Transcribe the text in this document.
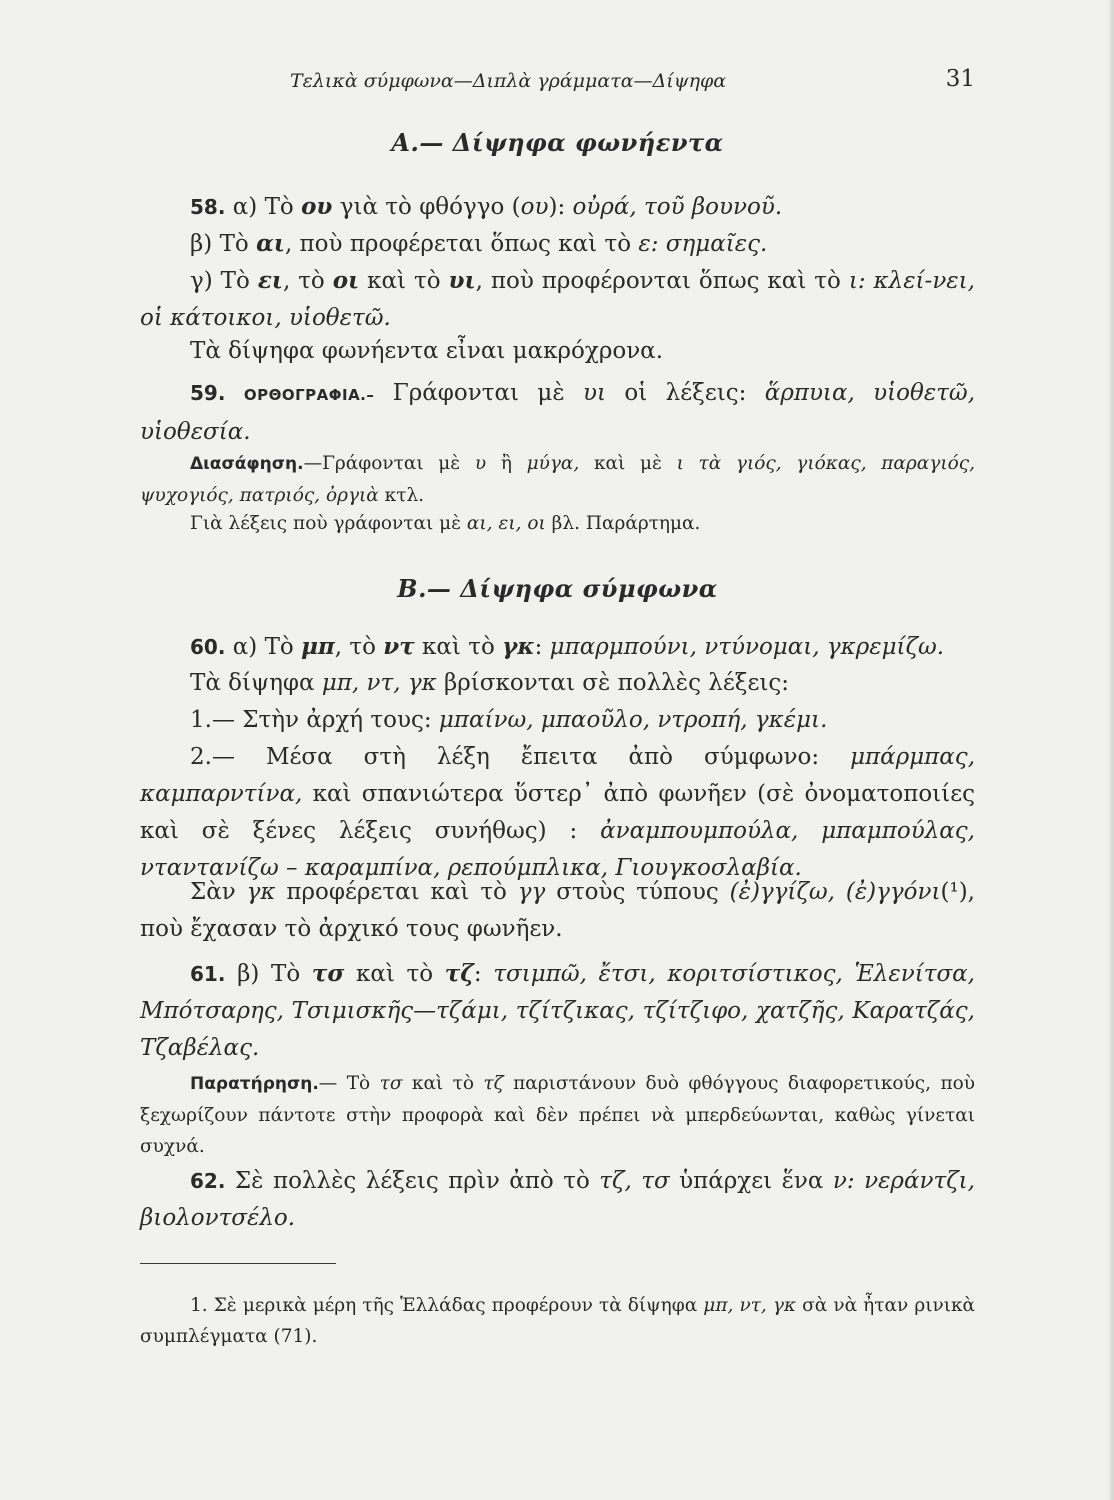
Τελικὰ σύμφωνα—Διπλὰ γράμματα—Δίψηφα	31
Α.— Δίψηφα φωνήεντα
58. α) Τὸ ου γιὰ τὸ φθόγγο (ου): οὐρά, τοῦ βουνοῦ.
β) Τὸ αι, ποὺ προφέρεται ὅπως καὶ τὸ ε: σημαῖες.
γ) Τὸ ει, τὸ οι καὶ τὸ υι, ποὺ προφέρονται ὅπως καὶ τὸ ι: κλεί-νει, οἱ κάτοικοι, υἱοθετῶ.
Τὰ δίψηφα φωνήεντα εἶναι μακρόχρονα.
59. ΟΡΘΟΓΡΑΦΙΑ.– Γράφονται μὲ υι οἱ λέξεις: ἅρπυια, υἱοθετῶ, υἱοθεσία.
Διασάφηση.—Γράφονται μὲ υ ἢ μύγα, καὶ μὲ ι τὰ γιός, γιόκας, παραγιός, ψυχογιός, πατριός, ὀργιὰ κτλ.
Γιὰ λέξεις ποὺ γράφονται μὲ αι, ει, οι βλ. Παράρτημα.
Β.— Δίψηφα σύμφωνα
60. α) Τὸ μπ, τὸ ντ καὶ τὸ γκ: μπαρμπούνι, ντύνομαι, γκρεμίζω.
Τὰ δίψηφα μπ, ντ, γκ βρίσκονται σὲ πολλὲς λέξεις:
1.— Στὴν ἀρχή τους: μπαίνω, μπαοῦλο, ντροπή, γκέμι.
2.— Μέσα στὴ λέξη ἔπειτα ἀπὸ σύμφωνο: μπάρμπας, καμπαρντίνα, καὶ σπανιώτερα ὕστερ᾽ ἀπὸ φωνῆεν (σὲ ὀνοματοποιίες καὶ σὲ ξένες λέξεις συνήθως) : ἀναμπουμπούλα, μπαμπούλας, νταντανίζω – καραμπίνα, ρεπούμπλικα, Γιουγκοσλαβία.
Σὰν γκ προφέρεται καὶ τὸ γγ στοὺς τύπους (ἐ)γγίζω, (ἐ)γγόνι(¹), ποὺ ἔχασαν τὸ ἀρχικό τους φωνῆεν.
61. β) Τὸ τσ καὶ τὸ τζ: τσιμπῶ, ἔτσι, κοριτσίστικος, Ἑλενίτσα, Μπότσαρης, Τσιμισκῆς—τζάμι, τζίτζικας, τζίτζιφο, χατζῆς, Καρατζάς, Τζαβέλας.
Παρατήρηση.— Τὸ τσ καὶ τὸ τζ παριστάνουν δυὸ φθόγγους διαφορετικούς, ποὺ ξεχωρίζουν πάντοτε στὴν προφορὰ καὶ δὲν πρέπει νὰ μπερδεύωνται, καθὼς γίνεται συχνά.
62. Σὲ πολλὲς λέξεις πρὶν ἀπὸ τὸ τζ, τσ ὑπάρχει ἕνα ν: νεράντζι, βιολοντσέλο.
1. Σὲ μερικὰ μέρη τῆς Ἑλλάδας προφέρουν τὰ δίψηφα μπ, ντ, γκ σὰ νὰ ἦταν ρινικὰ συμπλέγματα (71).
